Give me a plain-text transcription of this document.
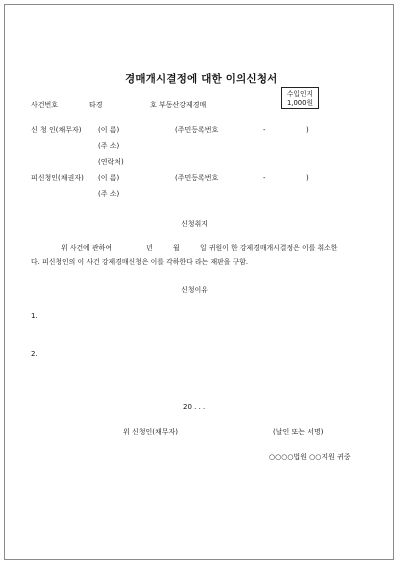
경매개시결정에 대한 이의신청서
수입인지
1,000원
사건번호	타경	호 부동산강제경매
신 청 인(채무자) (이 름)	(주민등록번호	-	)
(주 소)
(연락처)
피신청인(채권자) (이 름)	(주민등록번호	-	)
(주 소)
신청취지
위 사건에 관하여	년	월	일 귀원이 한 강제경매개시결정은 이를 취소한
다. 피신청인의 이 사건 강제경매신청은 이를 각하한다 라는 재판을 구함.
신청이유
1.
2.
20 . . .
위 신청인(채무자)	(날인 또는 서명)
○○○○법원 ○○지원 귀중
